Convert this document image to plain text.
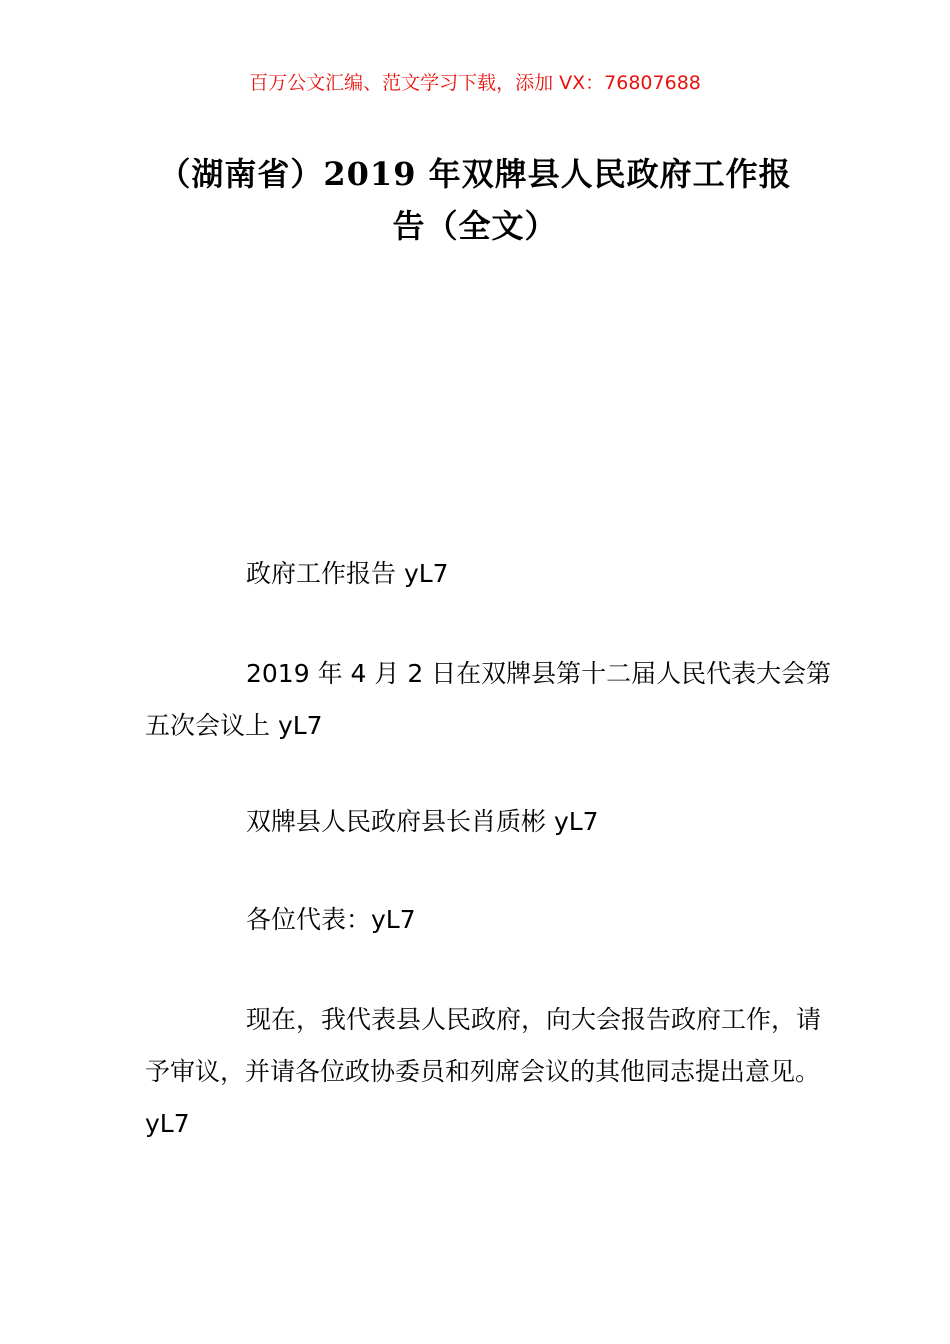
百万公文汇编、范文学习下载，添加 VX：76807688
（湖南省）2019 年双牌县人民政府工作报告（全文）

政府工作报告 yL7

2019 年 4 月 2 日在双牌县第十二届人民代表大会第五次会议上 yL7

双牌县人民政府县长肖质彬 yL7

各位代表：yL7

现在，我代表县人民政府，向大会报告政府工作，请予审议，并请各位政协委员和列席会议的其他同志提出意见。yL7
